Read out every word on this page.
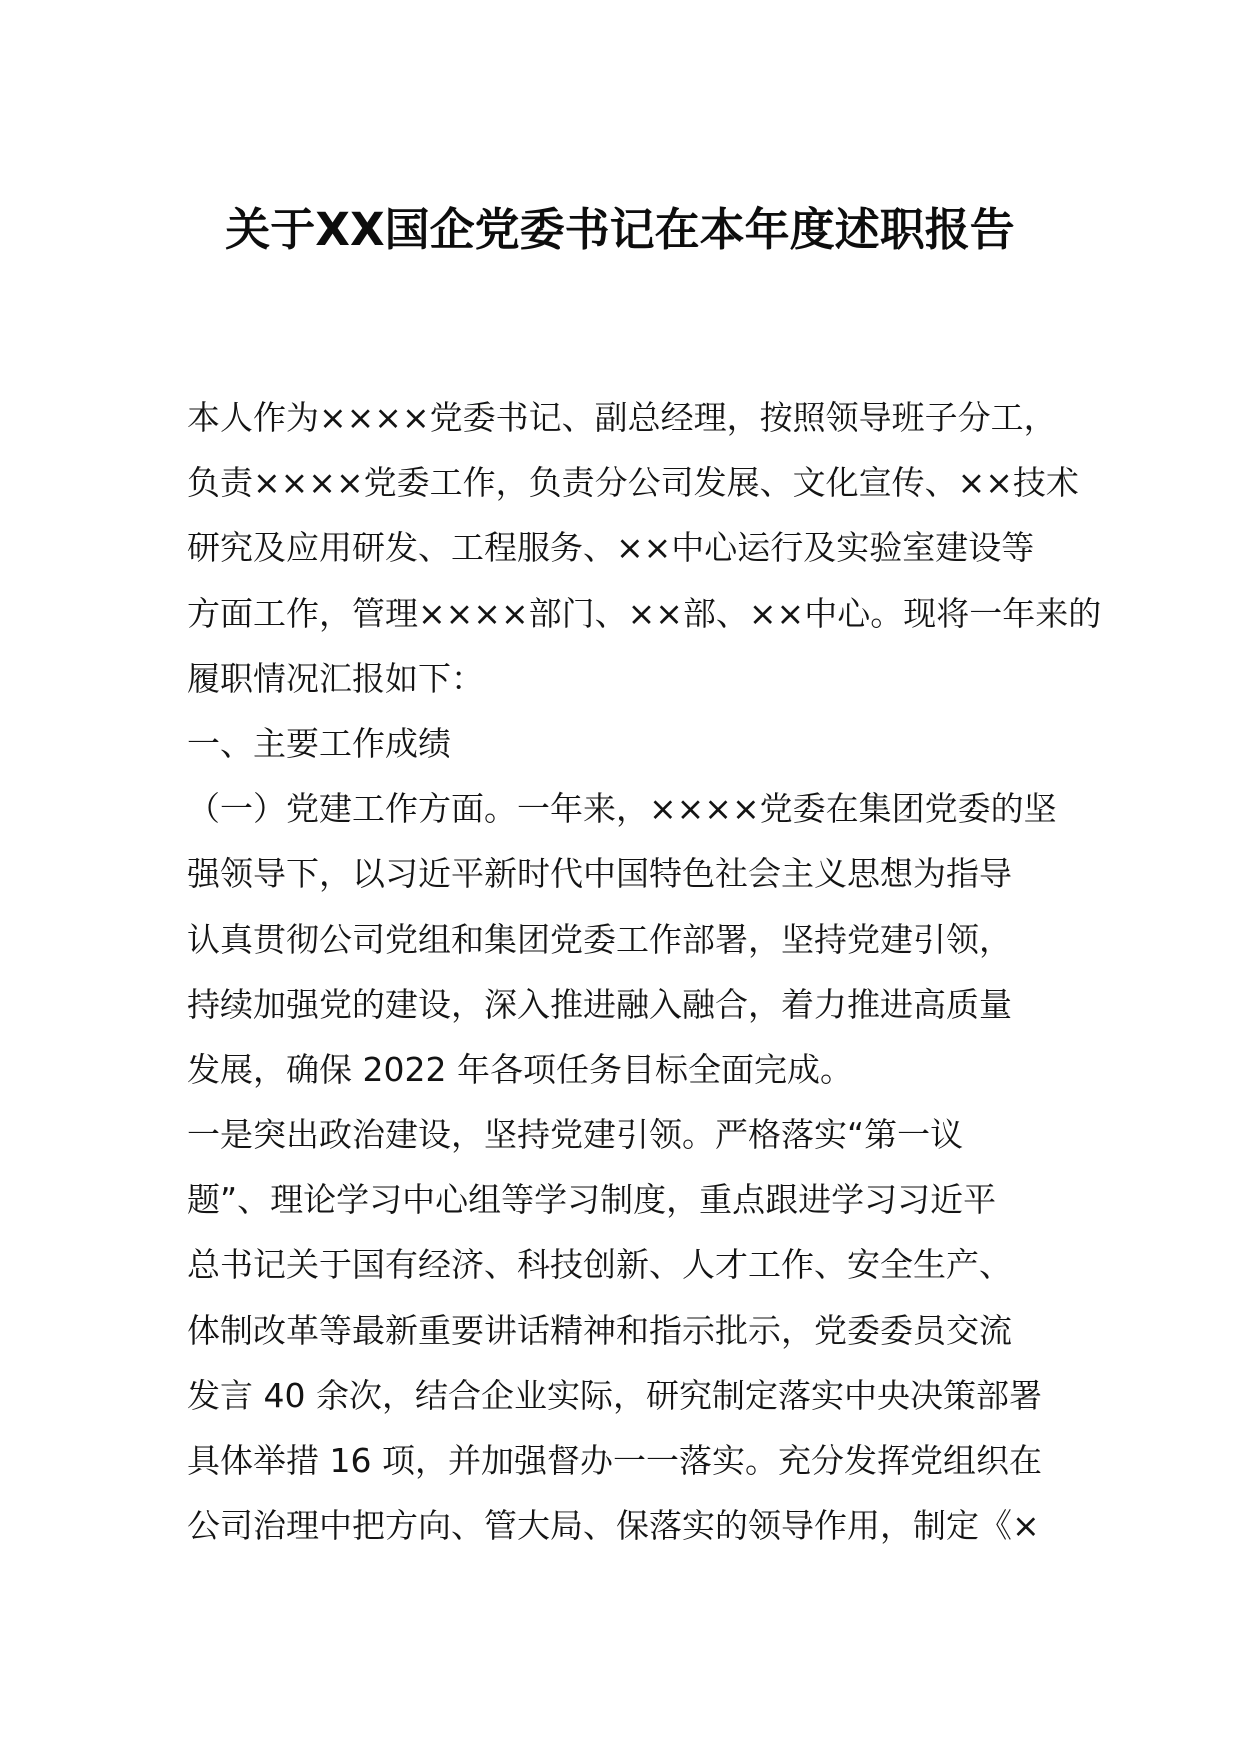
关于XX国企党委书记在本年度述职报告
本人作为××××党委书记、副总经理，按照领导班子分工，
负责××××党委工作，负责分公司发展、文化宣传、××技术
研究及应用研发、工程服务、××中心运行及实验室建设等
方面工作，管理××××部门、××部、××中心。现将一年来的
履职情况汇报如下：
一、主要工作成绩
（一）党建工作方面。一年来，××××党委在集团党委的坚
强领导下，以习近平新时代中国特色社会主义思想为指导
认真贯彻公司党组和集团党委工作部署，坚持党建引领，
持续加强党的建设，深入推进融入融合，着力推进高质量
发展，确保 2022 年各项任务目标全面完成。
一是突出政治建设，坚持党建引领。严格落实“第一议
题”、理论学习中心组等学习制度，重点跟进学习习近平
总书记关于国有经济、科技创新、人才工作、安全生产、
体制改革等最新重要讲话精神和指示批示，党委委员交流
发言 40 余次，结合企业实际，研究制定落实中央决策部署
具体举措 16 项，并加强督办一一落实。充分发挥党组织在
公司治理中把方向、管大局、保落实的领导作用，制定《×
